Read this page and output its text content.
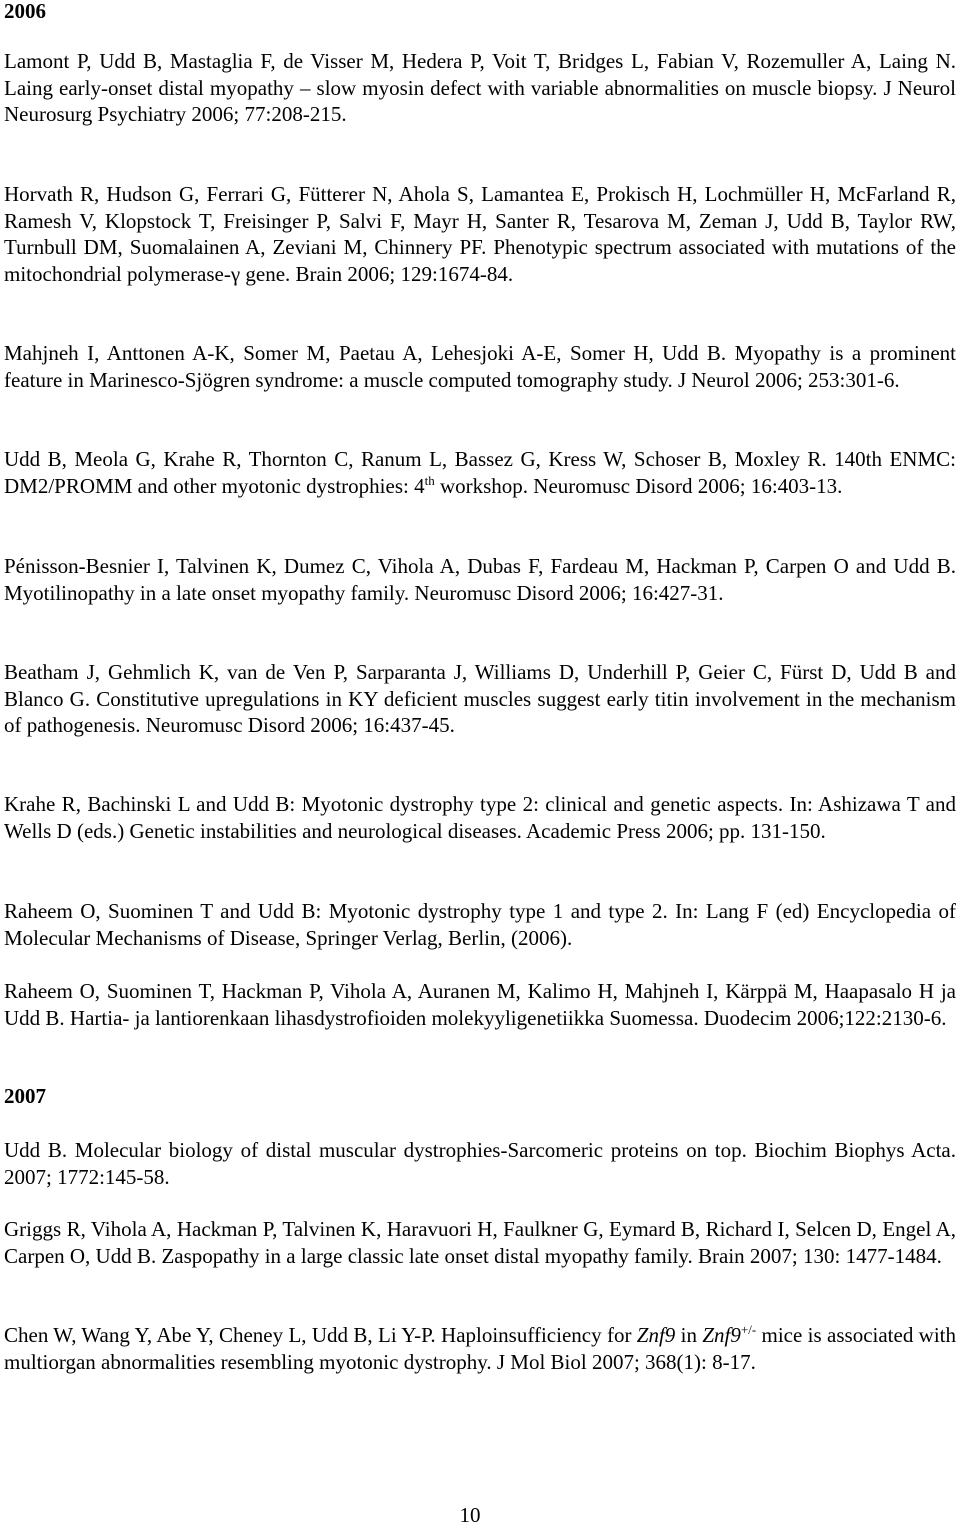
2006
Lamont P, Udd B, Mastaglia F, de Visser M, Hedera P, Voit T, Bridges L, Fabian V, Rozemuller A, Laing N. Laing early-onset distal myopathy – slow myosin defect with variable abnormalities on muscle biopsy. J Neurol Neurosurg Psychiatry 2006; 77:208-215.
Horvath R, Hudson G, Ferrari G, Fütterer N, Ahola S, Lamantea E, Prokisch H, Lochmüller H, McFarland R, Ramesh V, Klopstock T, Freisinger P, Salvi F, Mayr H, Santer R, Tesarova M, Zeman J, Udd B, Taylor RW, Turnbull DM, Suomalainen A, Zeviani M, Chinnery PF. Phenotypic spectrum associated with mutations of the mitochondrial polymerase-γ gene. Brain 2006; 129:1674-84.
Mahjneh I, Anttonen A-K, Somer M, Paetau A, Lehesjoki A-E, Somer H, Udd B. Myopathy is a prominent feature in Marinesco-Sjögren syndrome: a muscle computed tomography study. J Neurol 2006; 253:301-6.
Udd B, Meola G, Krahe R, Thornton C, Ranum L, Bassez G, Kress W, Schoser B, Moxley R. 140th ENMC: DM2/PROMM and other myotonic dystrophies: 4th workshop. Neuromusc Disord 2006; 16:403-13.
Pénisson-Besnier I, Talvinen K, Dumez C, Vihola A, Dubas F, Fardeau M, Hackman P, Carpen O and Udd B. Myotilinopathy in a late onset myopathy family. Neuromusc Disord 2006; 16:427-31.
Beatham J, Gehmlich K, van de Ven P, Sarparanta J, Williams D, Underhill P, Geier C, Fürst D, Udd B and Blanco G. Constitutive upregulations in KY deficient muscles suggest early titin involvement in the mechanism of pathogenesis. Neuromusc Disord 2006; 16:437-45.
Krahe R, Bachinski L and Udd B: Myotonic dystrophy type 2: clinical and genetic aspects. In: Ashizawa T and Wells D (eds.) Genetic instabilities and neurological diseases. Academic Press 2006; pp. 131-150.
Raheem O, Suominen T and Udd B: Myotonic dystrophy type 1 and type 2. In: Lang F (ed) Encyclopedia of Molecular Mechanisms of Disease, Springer Verlag, Berlin, (2006).
Raheem O, Suominen T, Hackman P, Vihola A, Auranen M, Kalimo H, Mahjneh I, Kärppä M, Haapasalo H ja Udd B. Hartia- ja lantiorenkaan lihasdystrofioiden molekyyligenetiikka Suomessa. Duodecim 2006;122:2130-6.
2007
Udd B. Molecular biology of distal muscular dystrophies-Sarcomeric proteins on top. Biochim Biophys Acta. 2007; 1772:145-58.
Griggs R, Vihola A, Hackman P, Talvinen K, Haravuori H, Faulkner G, Eymard B, Richard I, Selcen D, Engel A, Carpen O, Udd B. Zaspopathy in a large classic late onset distal myopathy family. Brain 2007; 130: 1477-1484.
Chen W, Wang Y, Abe Y, Cheney L, Udd B, Li Y-P. Haploinsufficiency for Znf9 in Znf9+/- mice is associated with multiorgan abnormalities resembling myotonic dystrophy. J Mol Biol 2007; 368(1): 8-17.
10
